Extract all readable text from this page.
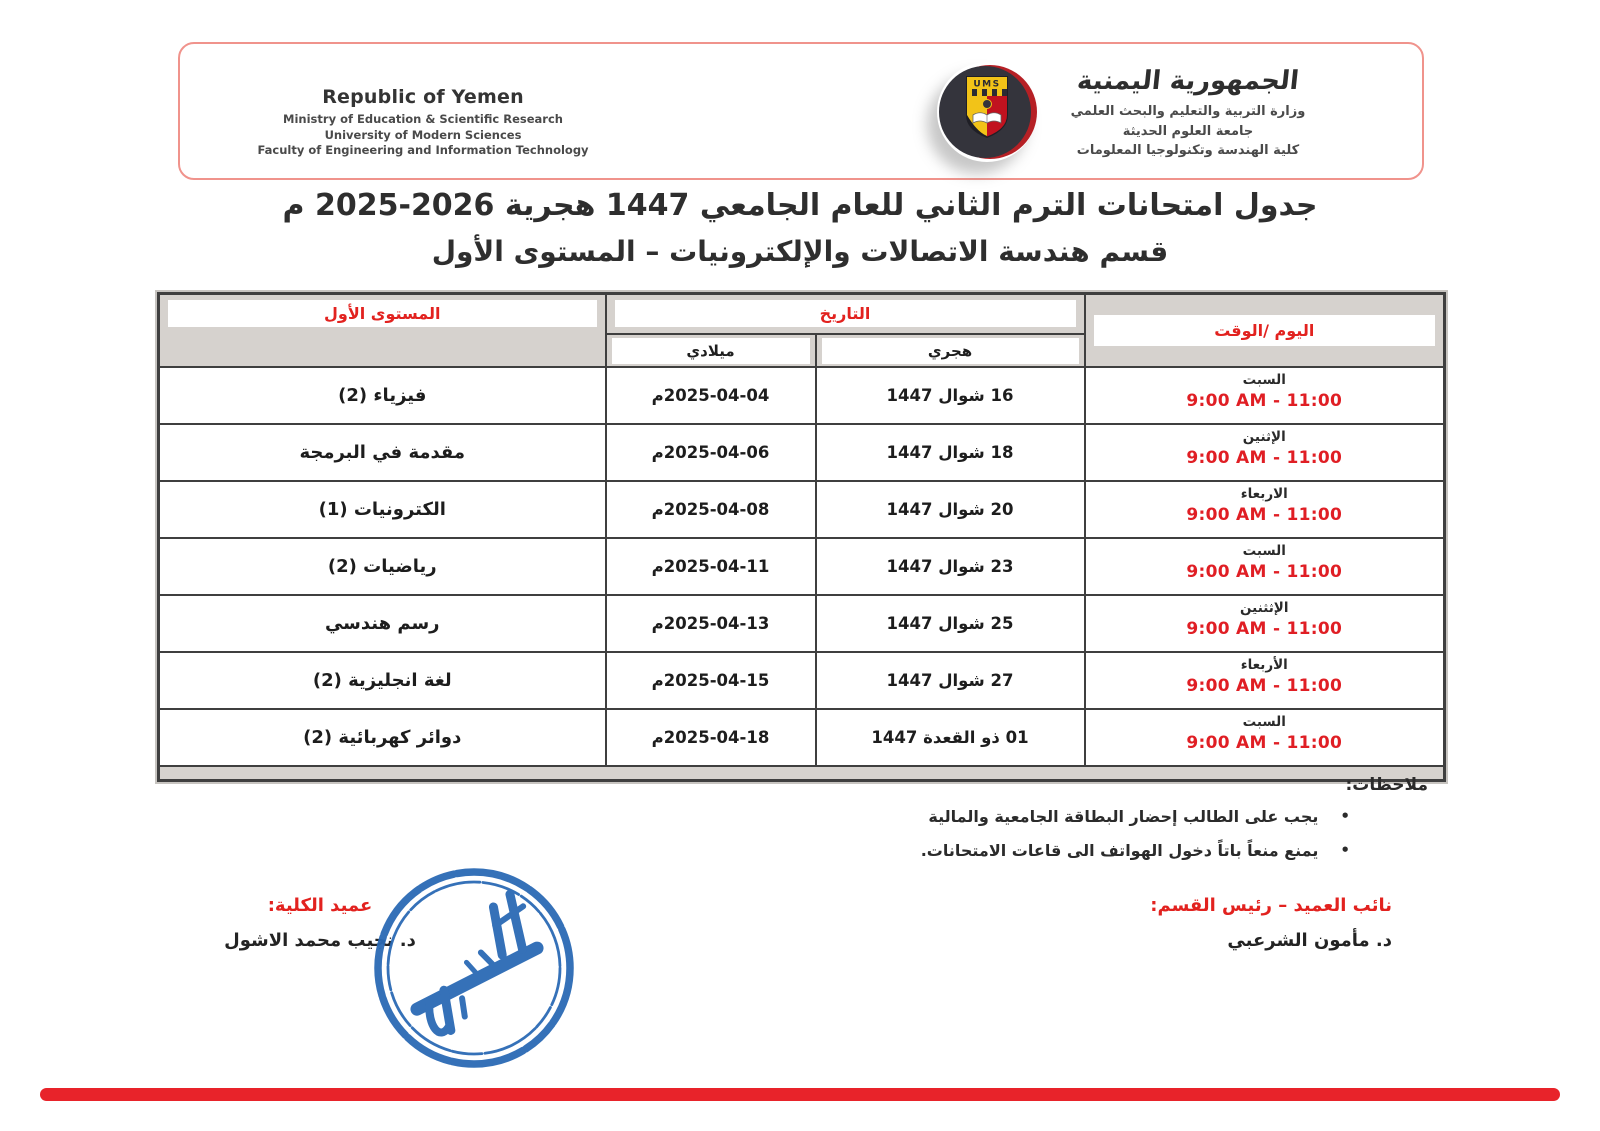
Republic of Yemen
Ministry of Education & Scientific Research
University of Modern Sciences
Faculty of Engineering and Information Technology
UMS	الجمهورية اليمنية
وزارة التربية والتعليم والبحث العلمي
جامعة العلوم الحديثة
كلية الهندسة وتكنولوجيا المعلومات
جدول امتحانات الترم الثاني للعام الجامعي 1447 هجرية 2026-2025 م
قسم هندسة الاتصالات والإلكترونيات – المستوى الأول
اليوم /الوقت	التاريخ		المستوى الأول

هجري	ميلادي	

السبت
9:00 AM - 11:00	16 شوال 1447	2025-04-04م	فيزياء (2)

الإثنين
9:00 AM - 11:00	18 شوال 1447	2025-04-06م	مقدمة في البرمجة

الاربعاء
9:00 AM - 11:00	20 شوال 1447	2025-04-08م	الكترونيات (1)

السبت
9:00 AM - 11:00	23 شوال 1447	2025-04-11م	رياضيات (2)

الإثثنين
9:00 AM - 11:00	25 شوال 1447	2025-04-13م	رسم هندسي

الأربعاء
9:00 AM - 11:00	27 شوال 1447	2025-04-15م	لغة انجليزية (2)

السبت
9:00 AM - 11:00	01 ذو القعدة 1447	2025-04-18م	دوائر كهربائية (2)

ملاحظات:
•
يجب على الطالب إحضار البطاقة الجامعية والمالية
•
يمنع منعاً باتاً دخول الهواتف الى قاعات الامتحانات.
نائب العميد – رئيس القسم:
د. مأمون الشرعبي
عميد الكلية:
د. نجيب محمد الاشول
